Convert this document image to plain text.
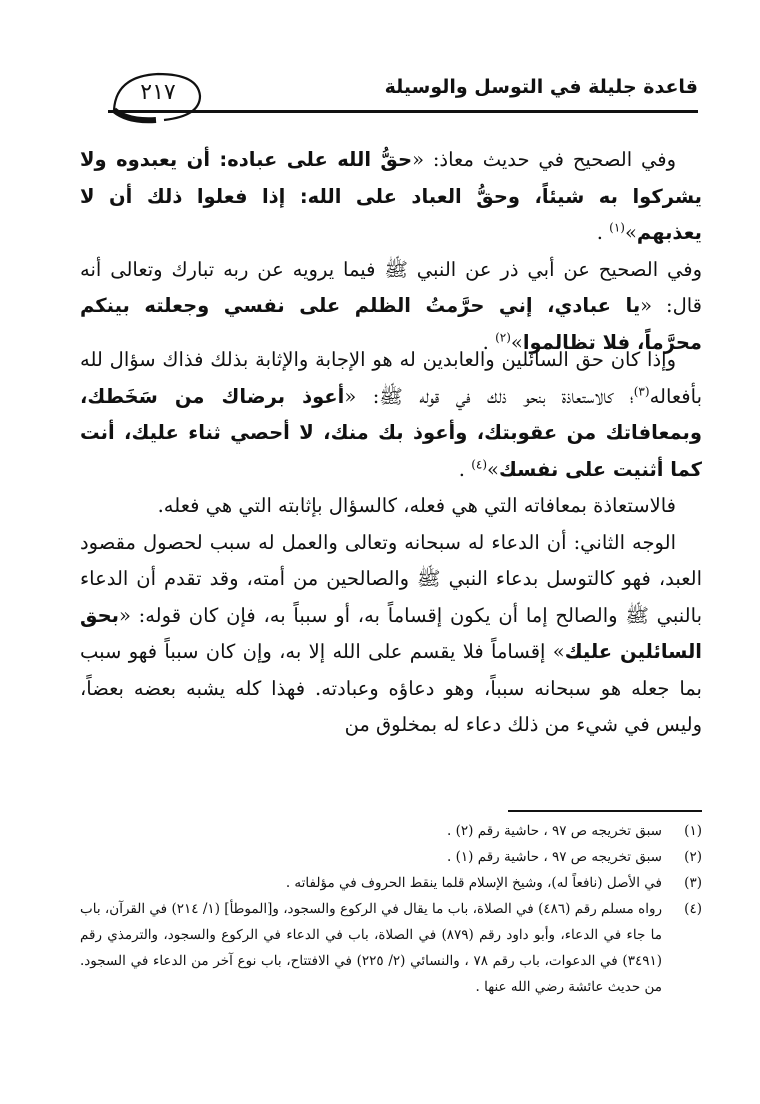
قاعدة جليلة في التوسل والوسيلة
٢١٧

وفي الصحيح في حديث معاذ: «حقُّ الله على عباده: أن يعبدوه ولا يشركوا به شيئاً، وحقُّ العباد على الله: إذا فعلوا ذلك أن لا يعذبهم»$^{(١)}$ .

وفي الصحيح عن أبي ذر عن النبي ﷺ فيما يرويه عن ربه تبارك وتعالى أنه قال: «يا عبادي، إني حرَّمتُ الظلم على نفسي وجعلته بينكم محرَّماً، فلا تظالموا»$^{(٢)}$ .

وإذا كان حق السائلين والعابدين له هو الإجابة والإثابة بذلك فذاك سؤال لله بأفعاله$^{(٣)}$؛ كالاستعاذة بنحو ذلك في قوله ﷺ: «أعوذ برضاك من سَخَطك، وبمعافاتك من عقوبتك، وأعوذ بك منك، لا أحصي ثناء عليك، أنت كما أثنيت على نفسك»$^{(٤)}$ .

فالاستعاذة بمعافاته التي هي فعله، كالسؤال بإثابته التي هي فعله.

الوجه الثاني: أن الدعاء له سبحانه وتعالى والعمل له سبب لحصول مقصود العبد، فهو كالتوسل بدعاء النبي ﷺ والصالحين من أمته، وقد تقدم أن الدعاء بالنبي ﷺ والصالح إما أن يكون إقساماً به، أو سبباً به، فإن كان قوله: «بحق السائلين عليك» إقساماً فلا يقسم على الله إلا به، وإن كان سبباً فهو سبب بما جعله هو سبحانه سبباً، وهو دعاؤه وعبادته. فهذا كله يشبه بعضه بعضاً، وليس في شيء من ذلك دعاء له بمخلوق من

(١)
سبق تخريجه ص ٩٧ ، حاشية رقم (٢) .
(٢)
سبق تخريجه ص ٩٧ ، حاشية رقم (١) .
(٣)
في الأصل (نافعاً له)، وشيخ الإسلام قلما ينقط الحروف في مؤلفاته .
(٤)
رواه مسلم رقم (٤٨٦) في الصلاة، باب ما يقال في الركوع والسجود، و[الموطأ] (١/ ٢١٤) في القرآن، باب ما جاء في الدعاء، وأبو داود رقم (٨٧٩) في الصلاة، باب في الدعاء في الركوع والسجود، والترمذي رقم (٣٤٩١) في الدعوات، باب رقم ٧٨ ، والنسائي (٢/ ٢٢٥) في الافتتاح، باب نوع آخر من الدعاء في السجود. من حديث عائشة رضي الله عنها .
